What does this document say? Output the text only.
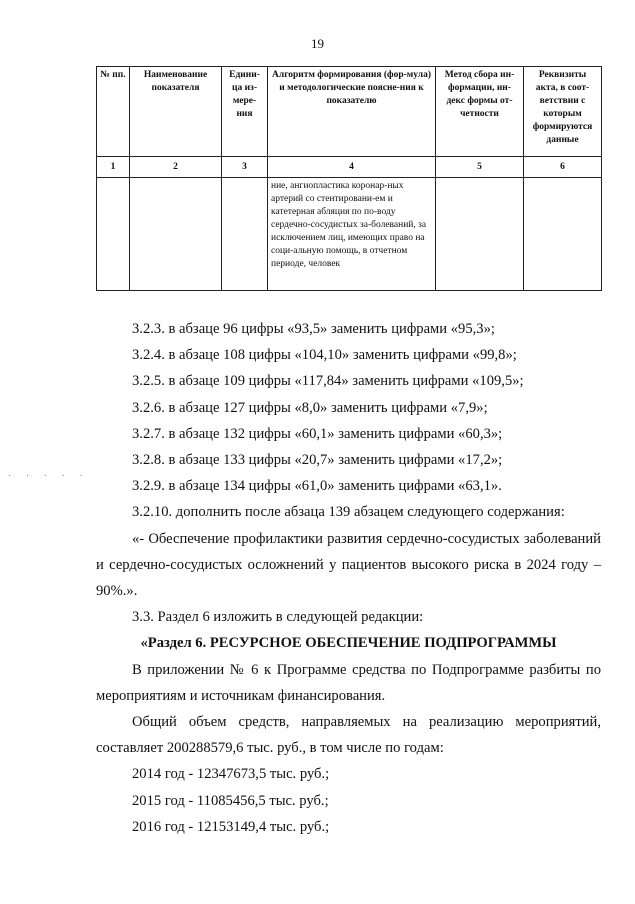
19
№ пп.	Наименование показателя	Едини-ца из-мере-ния	Алгоритм формирования (фор-мула) и методологические поясне-ния к показателю	Метод сбора ин-формации, ин-декс формы от-четности	Реквизиты акта, в соот-ветствии с которым формируются данные
1	2	3	4	5	6
			ние, ангиопластика коронар-ных артерий со стентировани-ем и катетерная абляция по по-воду сердечно-сосудистых за-болеваний, за исключением лиц, имеющих право на соци-альную помощь, в отчетном периоде, человек		
· · · · ·

3.2.3. в абзаце 96 цифры «93,5» заменить цифрами «95,3»;

3.2.4. в абзаце 108 цифры «104,10» заменить цифрами «99,8»;

3.2.5. в абзаце 109 цифры «117,84» заменить цифрами «109,5»;

3.2.6. в абзаце 127 цифры «8,0» заменить цифрами «7,9»;

3.2.7. в абзаце 132 цифры «60,1» заменить цифрами «60,3»;

3.2.8. в абзаце 133 цифры «20,7» заменить цифрами «17,2»;

3.2.9. в абзаце 134 цифры «61,0» заменить цифрами «63,1».

3.2.10. дополнить после абзаца 139 абзацем следующего содержания:

«- Обеспечение профилактики развития сердечно-сосудистых заболеваний и сердечно-сосудистых осложнений у пациентов высокого риска в 2024 году – 90%.».

3.3. Раздел 6 изложить в следующей редакции:

«Раздел 6. РЕСУРСНОЕ ОБЕСПЕЧЕНИЕ ПОДПРОГРАММЫ

В приложении № 6 к Программе средства по Подпрограмме разбиты по мероприятиям и источникам финансирования.

Общий объем средств, направляемых на реализацию мероприятий, составляет 200288579,6 тыс. руб., в том числе по годам:

2014 год - 12347673,5 тыс. руб.;

2015 год - 11085456,5 тыс. руб.;

2016 год - 12153149,4 тыс. руб.;
